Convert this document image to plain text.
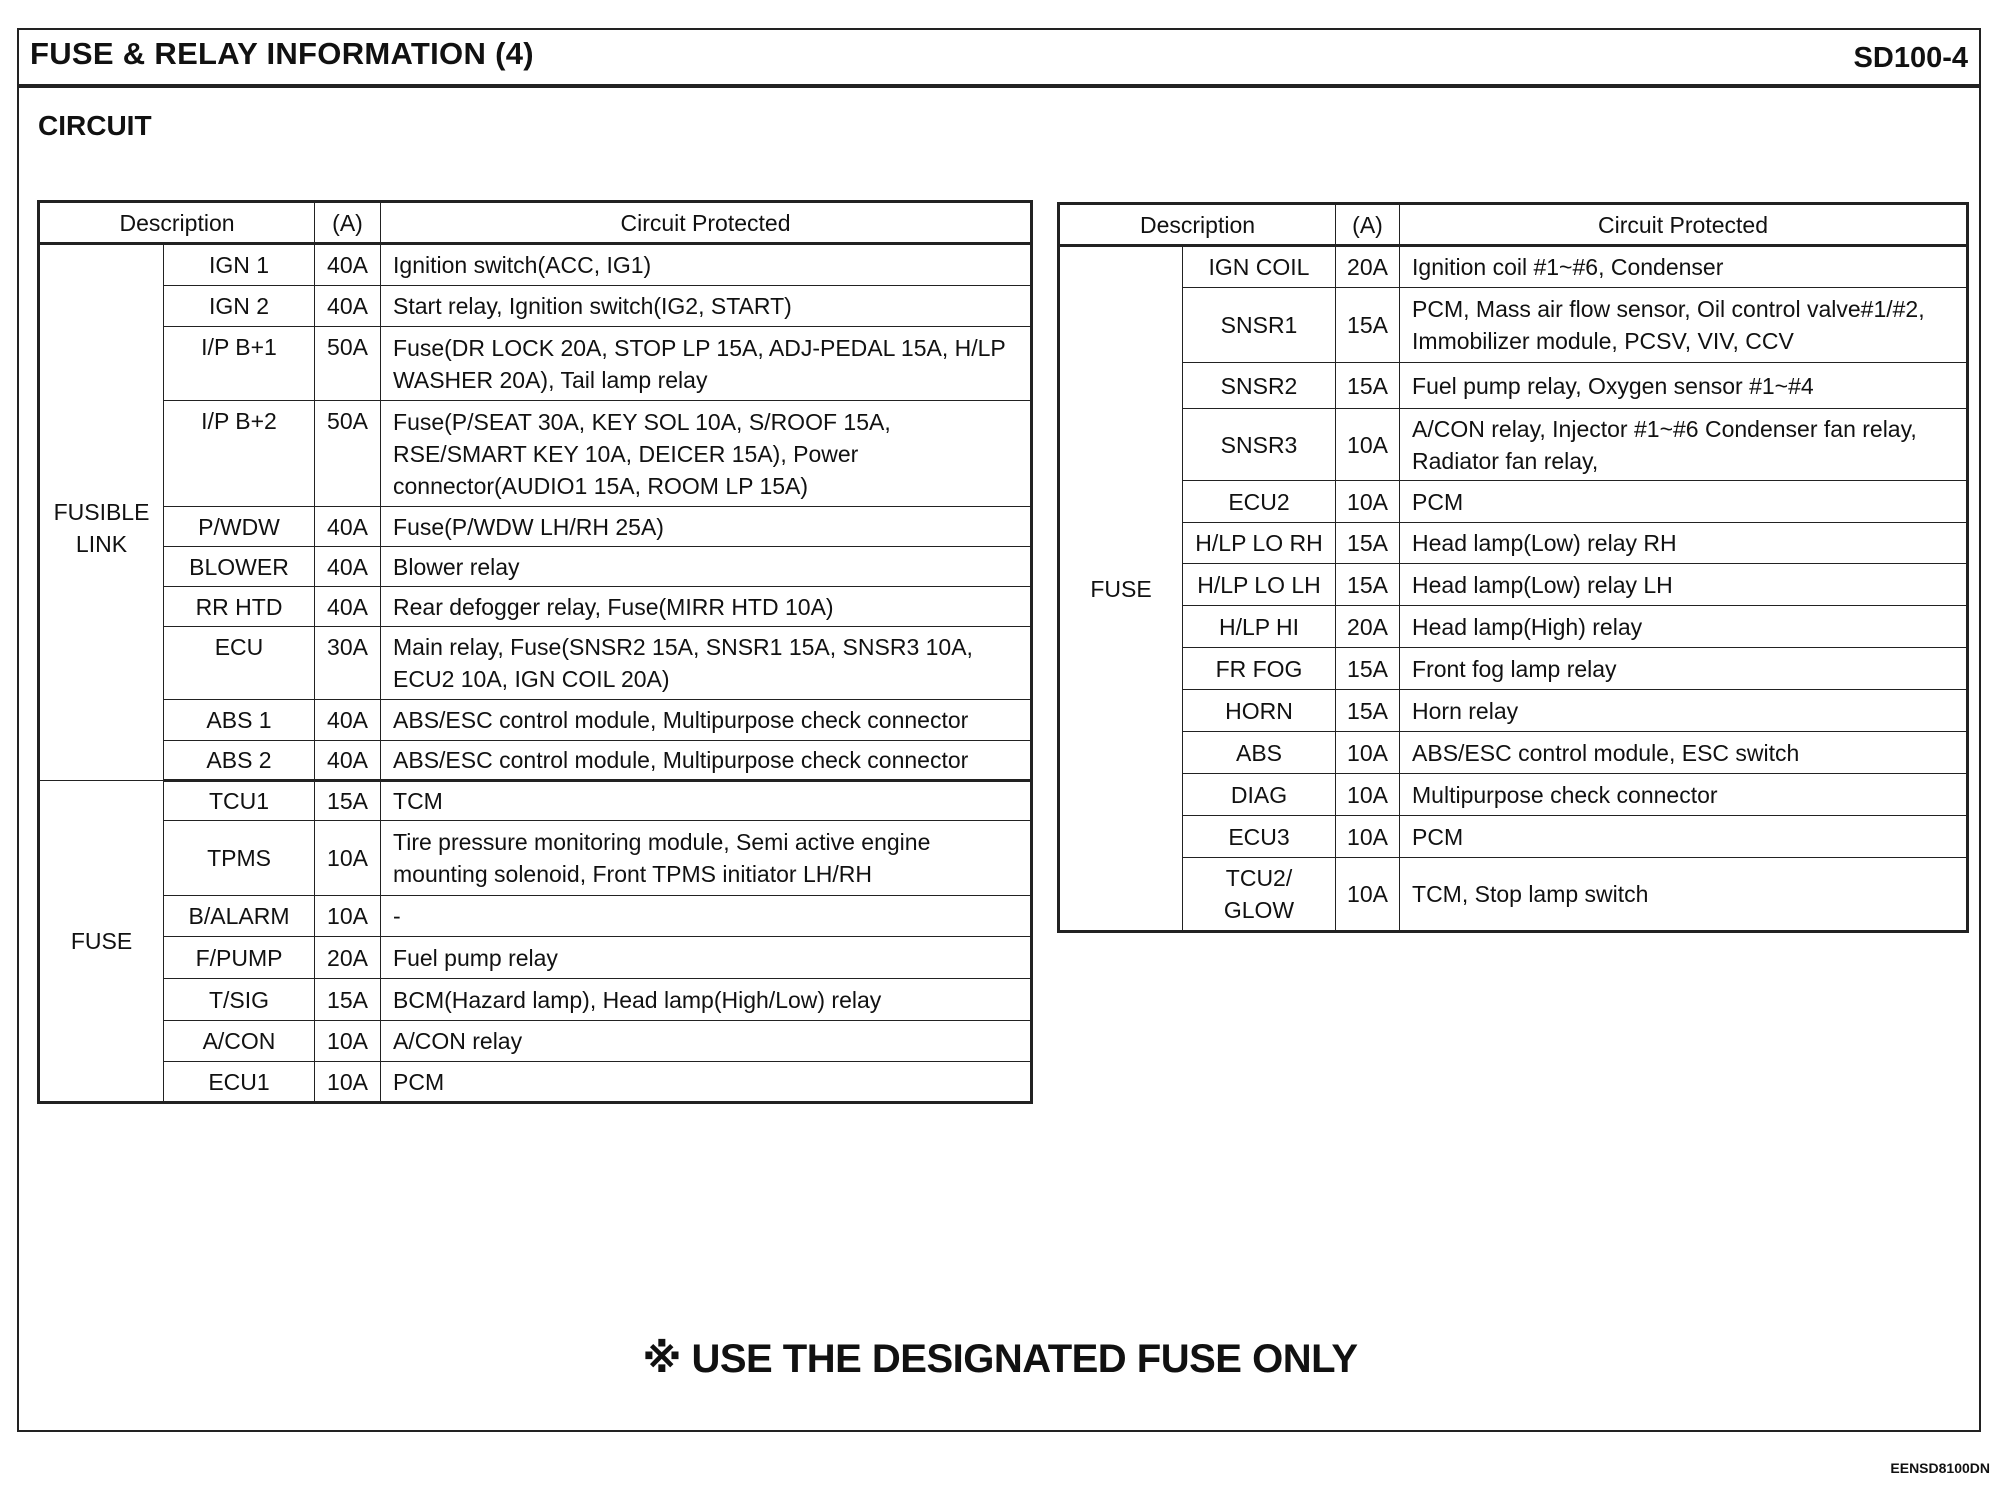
FUSE & RELAY INFORMATION (4)	SD100-4
CIRCUIT
Description		(A)	Circuit Protected
FUSIBLE LINK	IGN 1	40A	Ignition switch(ACC, IG1)
	IGN 2	40A	Start relay, Ignition switch(IG2, START)
	I/P B+1	50A	Fuse(DR LOCK 20A, STOP LP 15A, ADJ-PEDAL 15A, H/LP WASHER 20A), Tail lamp relay
	I/P B+2	50A	Fuse(P/SEAT 30A, KEY SOL 10A, S/ROOF 15A, RSE/SMART KEY 10A, DEICER 15A), Power connector(AUDIO1 15A, ROOM LP 15A)
	P/WDW	40A	Fuse(P/WDW LH/RH 25A)
	BLOWER	40A	Blower relay
	RR HTD	40A	Rear defogger relay, Fuse(MIRR HTD 10A)
	ECU	30A	Main relay, Fuse(SNSR2 15A, SNSR1 15A, SNSR3 10A, ECU2 10A, IGN COIL 20A)
	ABS 1	40A	ABS/ESC control module, Multipurpose check connector
	ABS 2	40A	ABS/ESC control module, Multipurpose check connector
FUSE	TCU1	15A	TCM
	TPMS	10A	Tire pressure monitoring module, Semi active engine mounting solenoid, Front TPMS initiator LH/RH
	B/ALARM	10A	-
	F/PUMP	20A	Fuel pump relay
	T/SIG	15A	BCM(Hazard lamp), Head lamp(High/Low) relay
	A/CON	10A	A/CON relay
	ECU1	10A	PCM
Description		(A)	Circuit Protected
FUSE	IGN COIL	20A	Ignition coil #1~#6, Condenser
	SNSR1	15A	PCM, Mass air flow sensor, Oil control valve#1/#2, Immobilizer module, PCSV, VIV, CCV
	SNSR2	15A	Fuel pump relay, Oxygen sensor #1~#4
	SNSR3	10A	A/CON relay, Injector #1~#6 Condenser fan relay, Radiator fan relay,
	ECU2	10A	PCM
	H/LP LO RH	15A	Head lamp(Low) relay RH
	H/LP LO LH	15A	Head lamp(Low) relay LH
	H/LP HI	20A	Head lamp(High) relay
	FR FOG	15A	Front fog lamp relay
	HORN	15A	Horn relay
	ABS	10A	ABS/ESC control module, ESC switch
	DIAG	10A	Multipurpose check connector
	ECU3	10A	PCM
	TCU2/ GLOW	10A	TCM, Stop lamp switch
※ USE THE DESIGNATED FUSE ONLY
EENSD8100DN
